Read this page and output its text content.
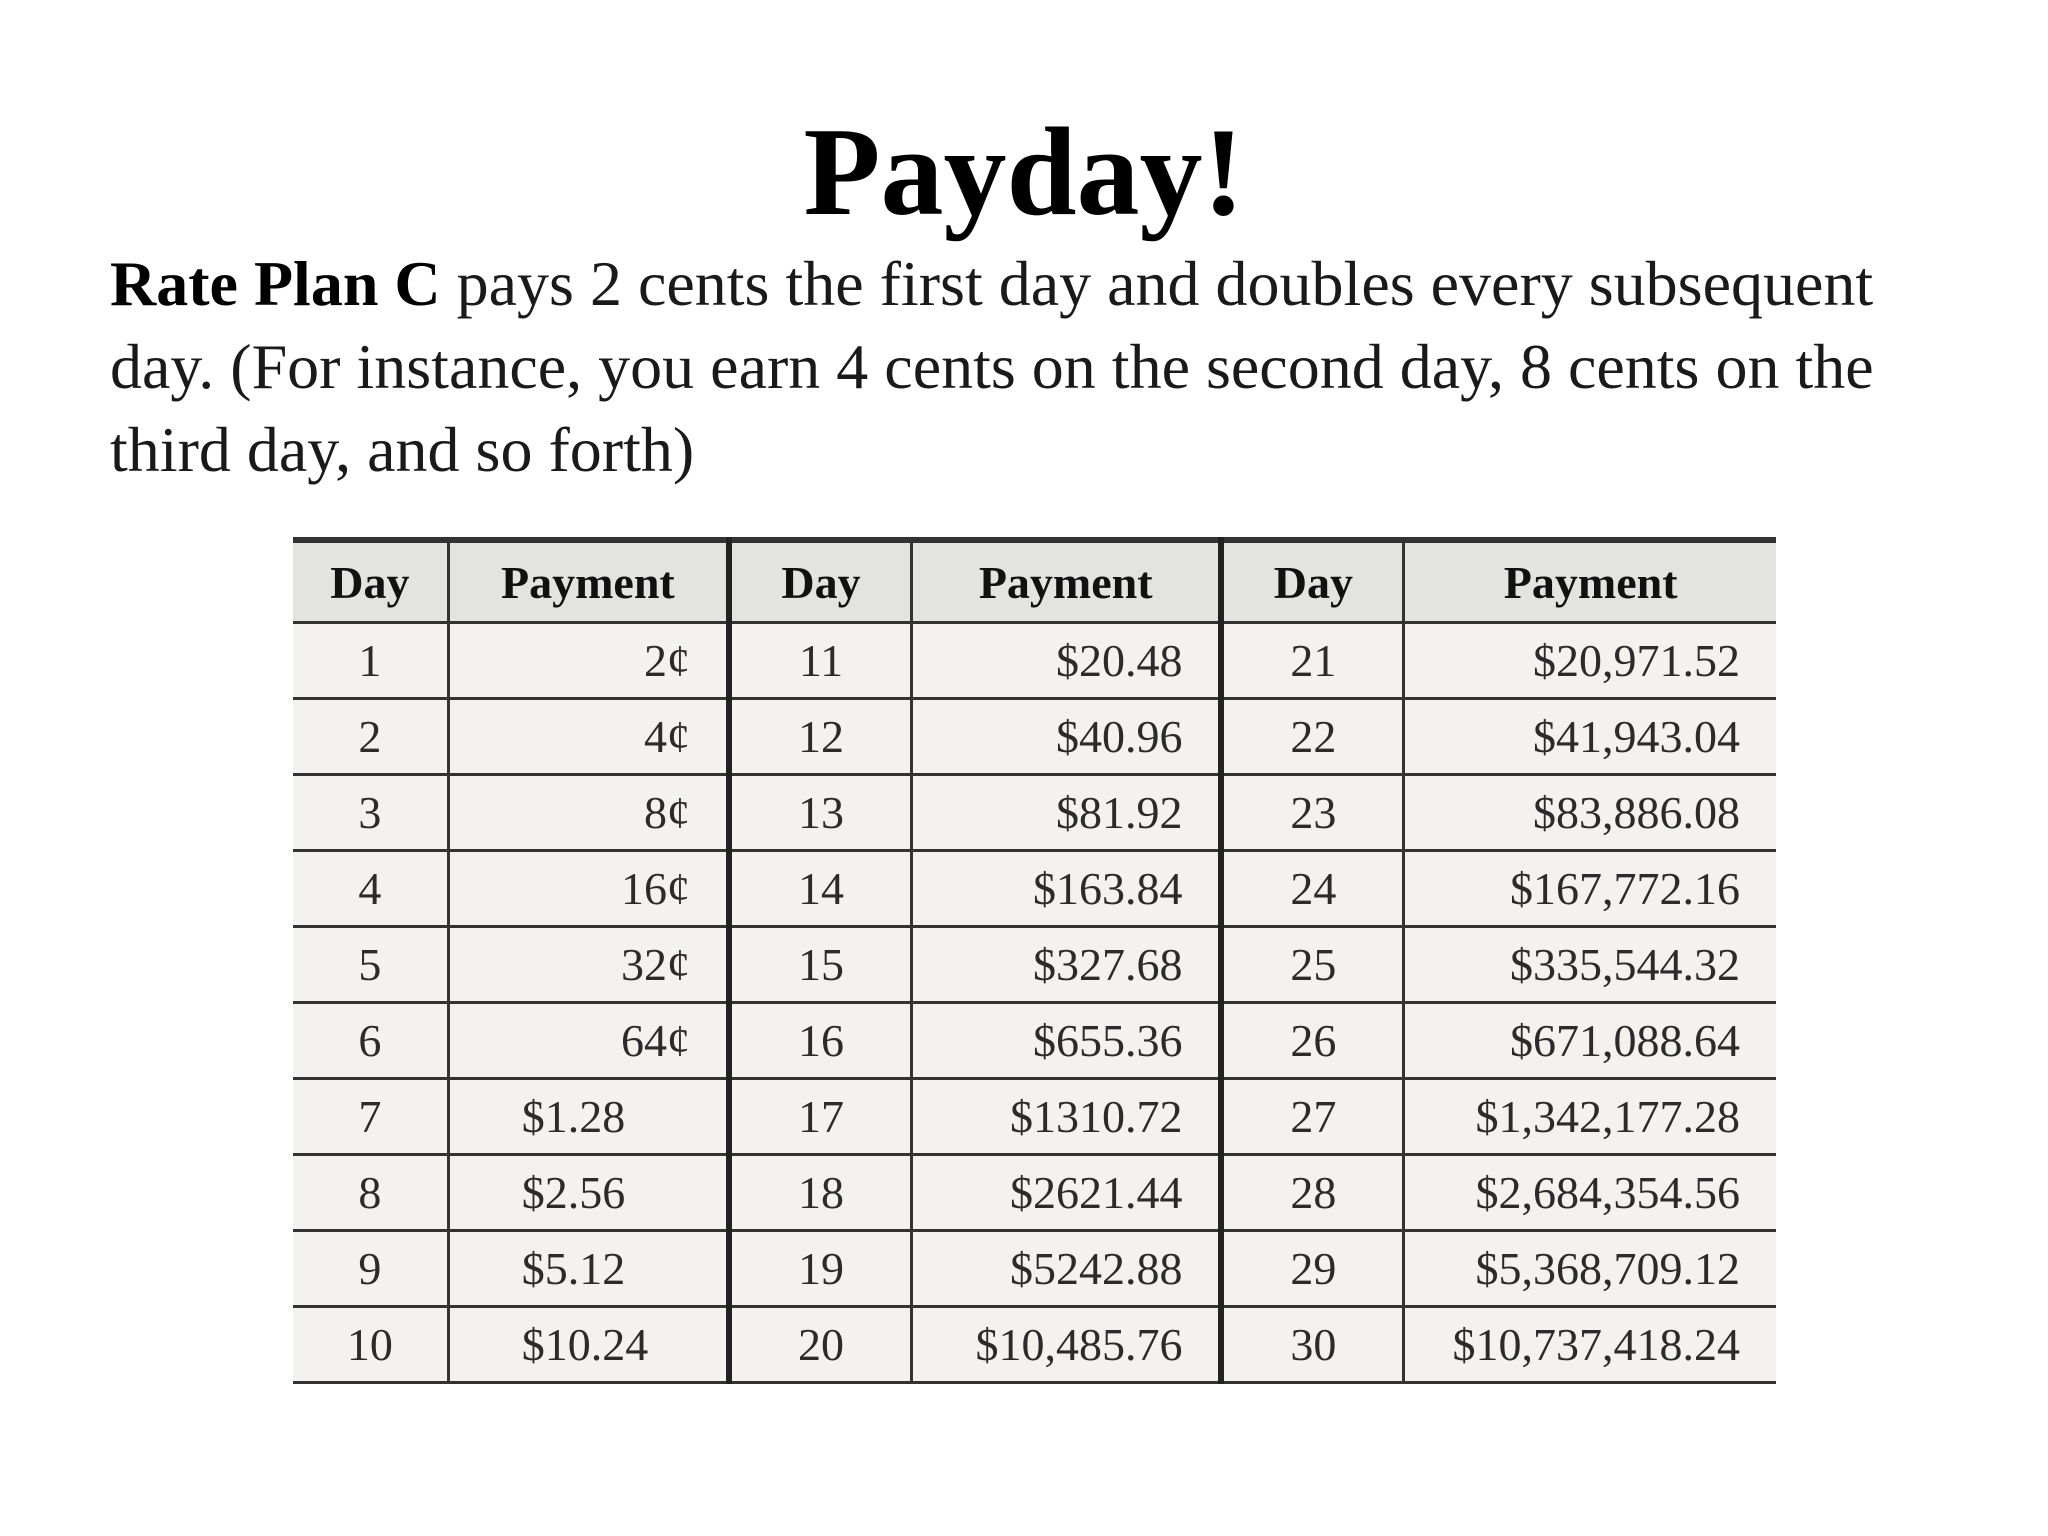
Payday!

Rate Plan C pays 2 cents the first day and doubles every subsequent day. (For instance, you earn 4 cents on the second day, 8 cents on the third day, and so forth)

Day	Payment	Day	Payment	Day	Payment
1	2¢	11	$20.48	21	$20,971.52
2	4¢	12	$40.96	22	$41,943.04
3	8¢	13	$81.92	23	$83,886.08
4	16¢	14	$163.84	24	$167,772.16
5	32¢	15	$327.68	25	$335,544.32
6	64¢	16	$655.36	26	$671,088.64
7	$1.28	17	$1310.72	27	$1,342,177.28
8	$2.56	18	$2621.44	28	$2,684,354.56
9	$5.12	19	$5242.88	29	$5,368,709.12
10	$10.24	20	$10,485.76	30	$10,737,418.24
